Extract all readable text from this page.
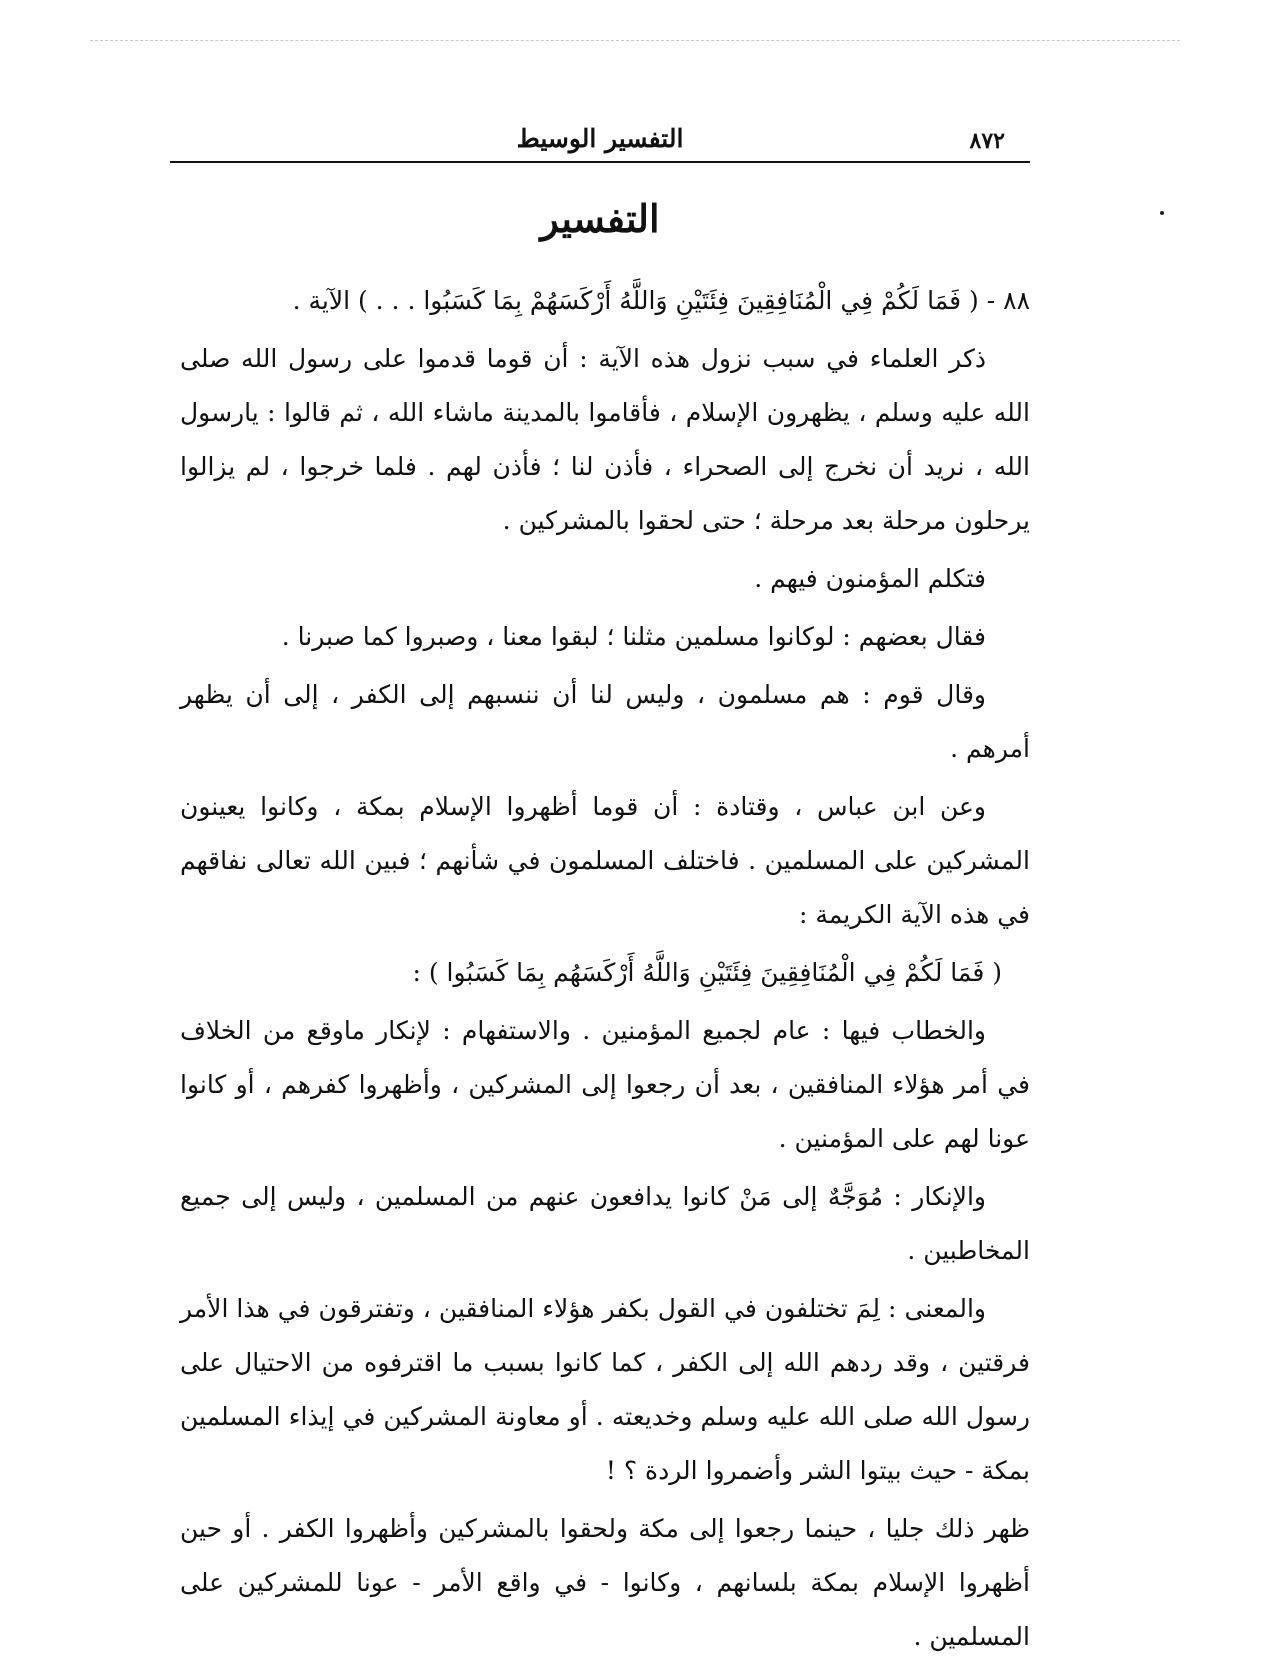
٨٧٢
التفسير الوسيط
التفسير

٨٨ - ( فَمَا لَكُمْ فِي الْمُنَافِقِينَ فِئَتَيْنِ وَاللَّهُ أَرْكَسَهُمْ بِمَا كَسَبُوا . . . ) الآية .

ذكر العلماء في سبب نزول هذه الآية : أن قوما قدموا على رسول الله صلى الله عليه وسلم ، يظهرون الإسلام ، فأقاموا بالمدينة ماشاء الله ، ثم قالوا : يارسول الله ، نريد أن نخرج إلى الصحراء ، فأذن لنا ؛ فأذن لهم . فلما خرجوا ، لم يزالوا يرحلون مرحلة بعد مرحلة ؛ حتى لحقوا بالمشركين .

فتكلم المؤمنون فيهم .

فقال بعضهم : لوكانوا مسلمين مثلنا ؛ لبقوا معنا ، وصبروا كما صبرنا .

وقال قوم : هم مسلمون ، وليس لنا أن ننسبهم إلى الكفر ، إلى أن يظهر أمرهم .

وعن ابن عباس ، وقتادة : أن قوما أظهروا الإسلام بمكة ، وكانوا يعينون المشركين على المسلمين . فاختلف المسلمون في شأنهم ؛ فبين الله تعالى نفاقهم في هذه الآية الكريمة :

( فَمَا لَكُمْ فِي الْمُنَافِقِينَ فِئَتَيْنِ وَاللَّهُ أَرْكَسَهُم بِمَا كَسَبُوا ) :

والخطاب فيها : عام لجميع المؤمنين . والاستفهام : لإنكار ماوقع من الخلاف في أمر هؤلاء المنافقين ، بعد أن رجعوا إلى المشركين ، وأظهروا كفرهم ، أو كانوا عونا لهم على المؤمنين .

والإنكار : مُوَجَّهٌ إلى مَنْ كانوا يدافعون عنهم من المسلمين ، وليس إلى جميع المخاطبين .

والمعنى : لِمَ تختلفون في القول بكفر هؤلاء المنافقين ، وتفترقون في هذا الأمر فرقتين ، وقد ردهم الله إلى الكفر ، كما كانوا بسبب ما اقترفوه من الاحتيال على رسول الله صلى الله عليه وسلم وخديعته . أو معاونة المشركين في إيذاء المسلمين بمكة - حيث بيتوا الشر وأضمروا الردة ؟ !

ظهر ذلك جليا ، حينما رجعوا إلى مكة ولحقوا بالمشركين وأظهروا الكفر . أو حين أظهروا الإسلام بمكة بلسانهم ، وكانوا - في واقع الأمر - عونا للمشركين على المسلمين .
